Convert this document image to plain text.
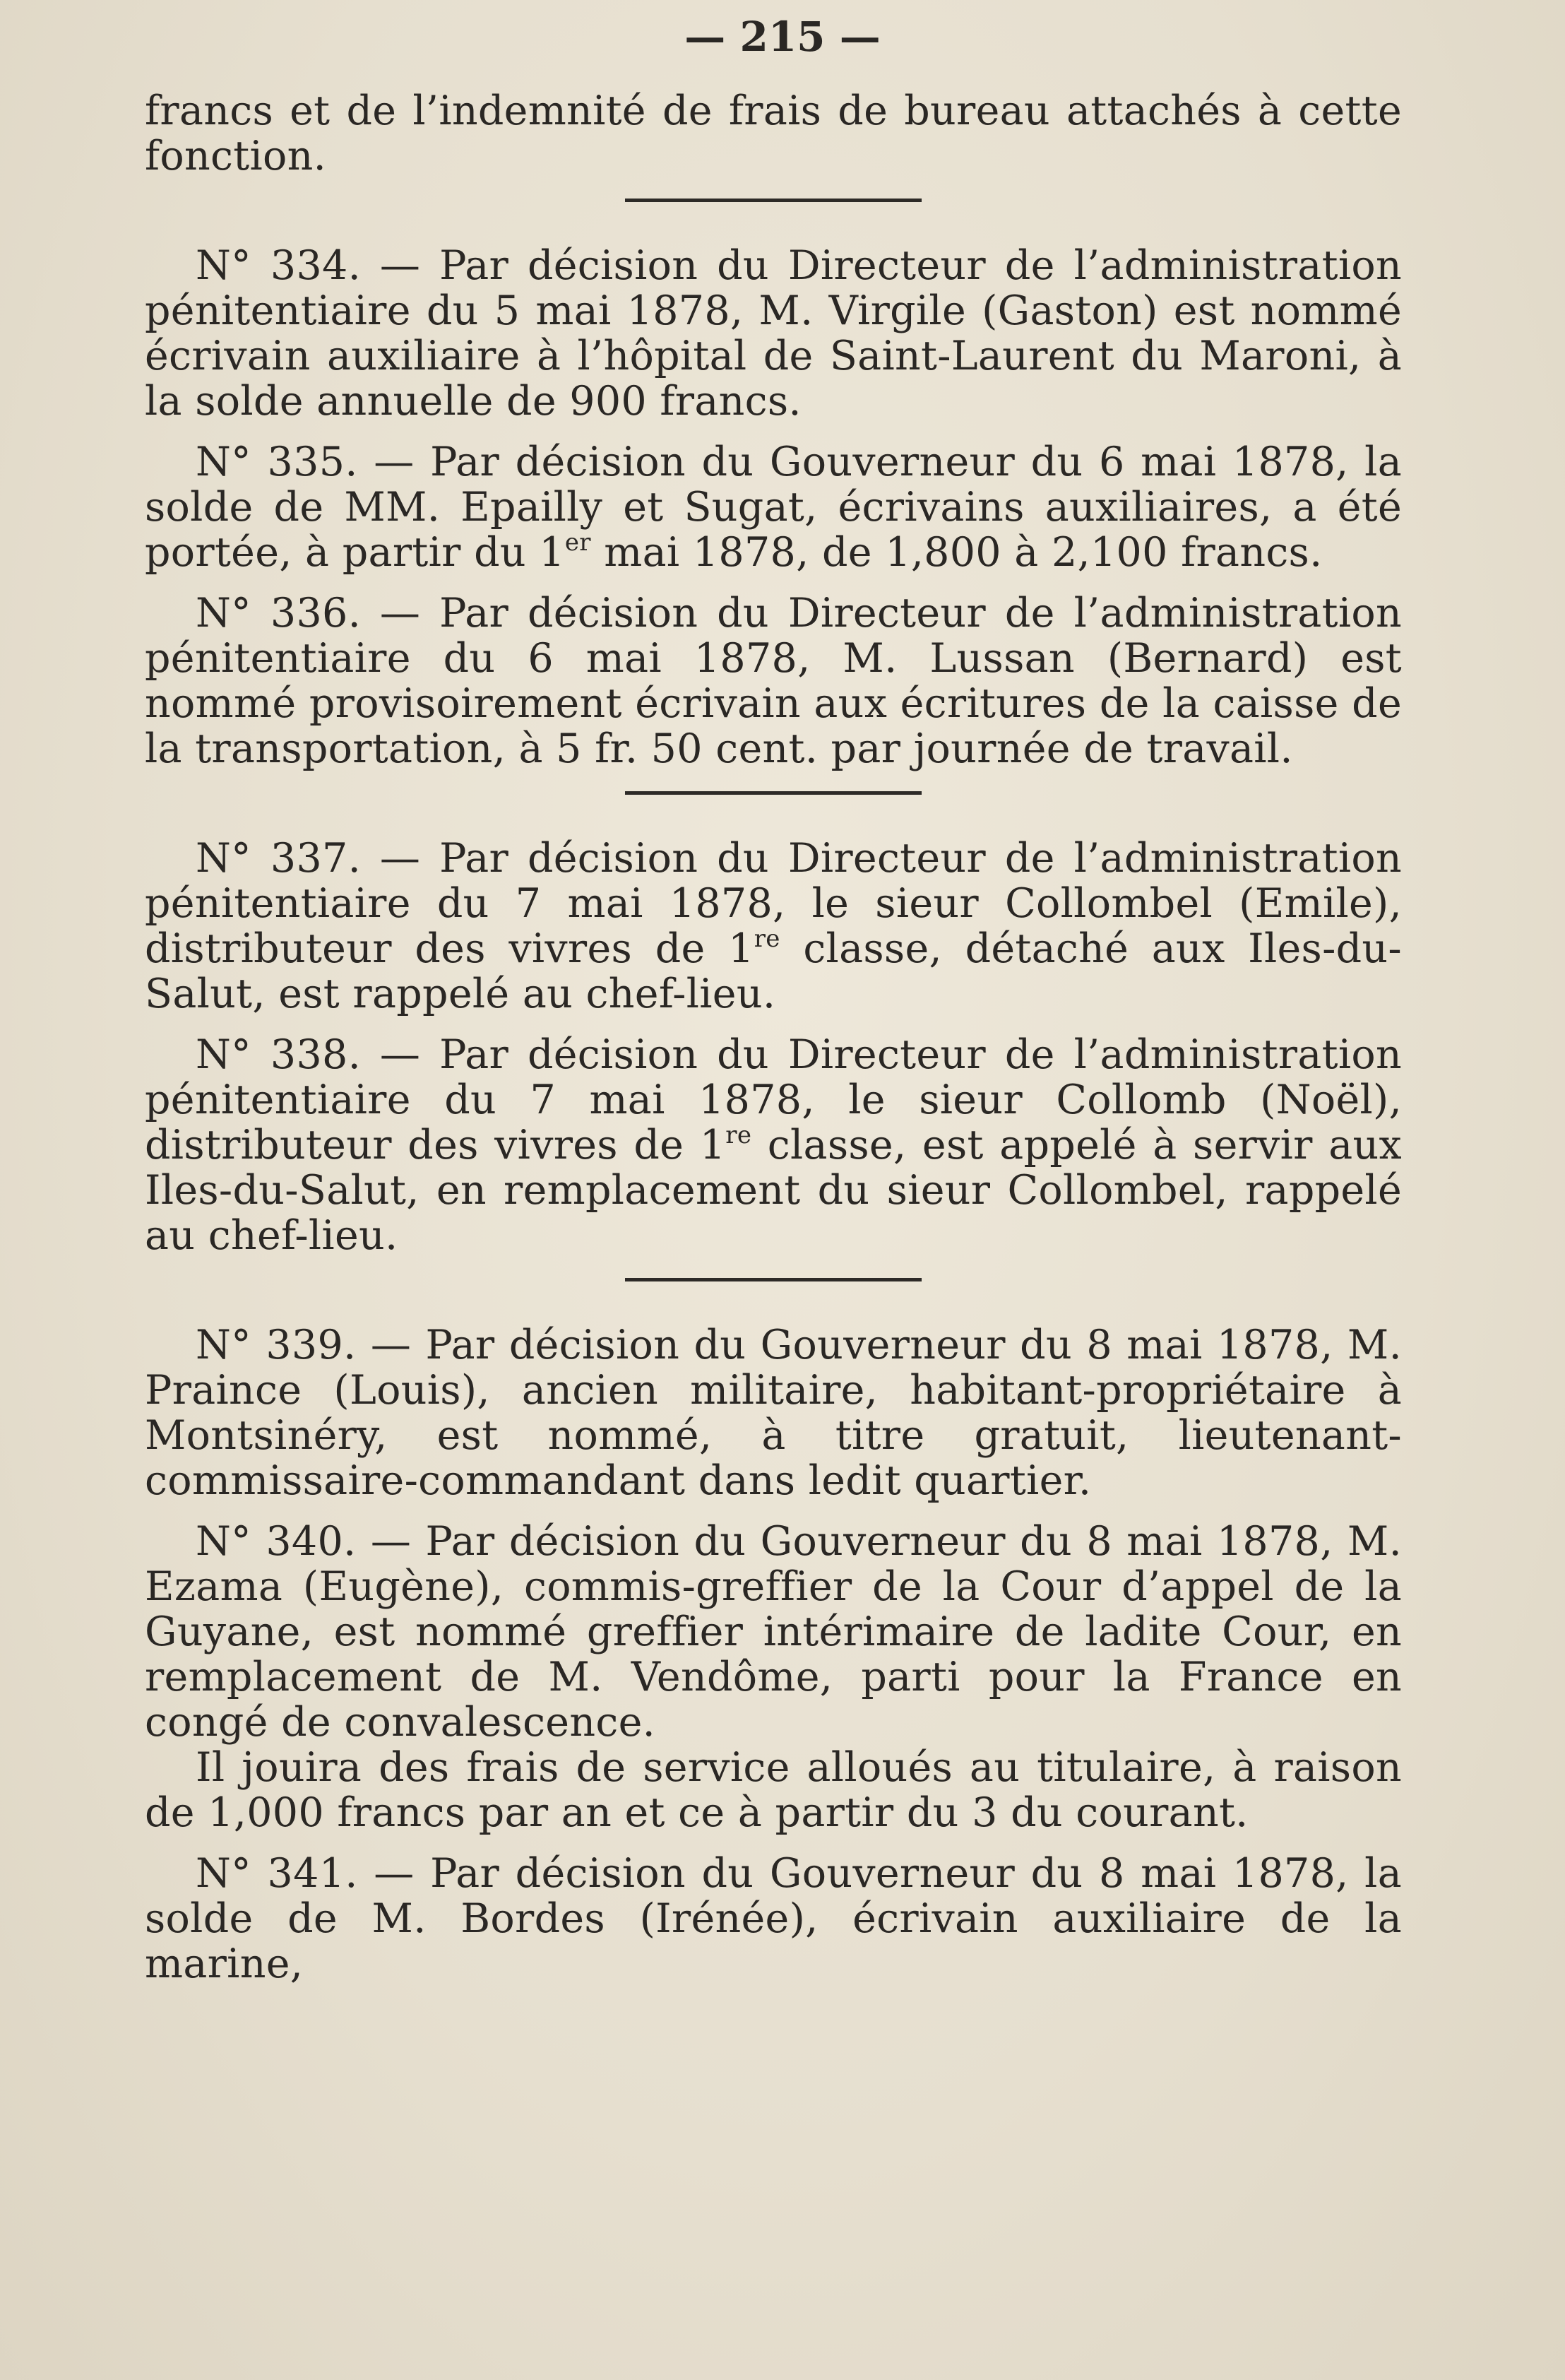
— 215 —

francs et de l’indemnité de frais de bureau attachés à cette fonction.

N° 334. — Par décision du Directeur de l’administration pénitentiaire du 5 mai 1878, M. Virgile (Gaston) est nommé écrivain auxiliaire à l’hôpital de Saint-Laurent du Maroni, à la solde annuelle de 900 francs.

N° 335. — Par décision du Gouverneur du 6 mai 1878, la solde de MM. Epailly et Sugat, écrivains auxiliaires, a été portée, à partir du 1er mai 1878, de 1,800 à 2,100 francs.

N° 336. — Par décision du Directeur de l’administration pénitentiaire du 6 mai 1878, M. Lussan (Bernard) est nommé provisoirement écrivain aux écritures de la caisse de la transportation, à 5 fr. 50 cent. par journée de travail.

N° 337. — Par décision du Directeur de l’administration pénitentiaire du 7 mai 1878, le sieur Collombel (Emile), distributeur des vivres de 1re classe, détaché aux Iles-du-Salut, est rappelé au chef-lieu.

N° 338. — Par décision du Directeur de l’administration pénitentiaire du 7 mai 1878, le sieur Collomb (Noël), distributeur des vivres de 1re classe, est appelé à servir aux Iles-du-Salut, en remplacement du sieur Collombel, rappelé au chef-lieu.

N° 339. — Par décision du Gouverneur du 8 mai 1878, M. Praince (Louis), ancien militaire, habitant-propriétaire à Montsinéry, est nommé, à titre gratuit, lieutenant-commissaire-commandant dans ledit quartier.

N° 340. — Par décision du Gouverneur du 8 mai 1878, M. Ezama (Eugène), commis-greffier de la Cour d’appel de la Guyane, est nommé greffier intérimaire de ladite Cour, en remplacement de M. Vendôme, parti pour la France en congé de convalescence.

Il jouira des frais de service alloués au titulaire, à raison de 1,000 francs par an et ce à partir du 3 du courant.

N° 341. — Par décision du Gouverneur du 8 mai 1878, la solde de M. Bordes (Irénée), écrivain auxiliaire de la marine,
